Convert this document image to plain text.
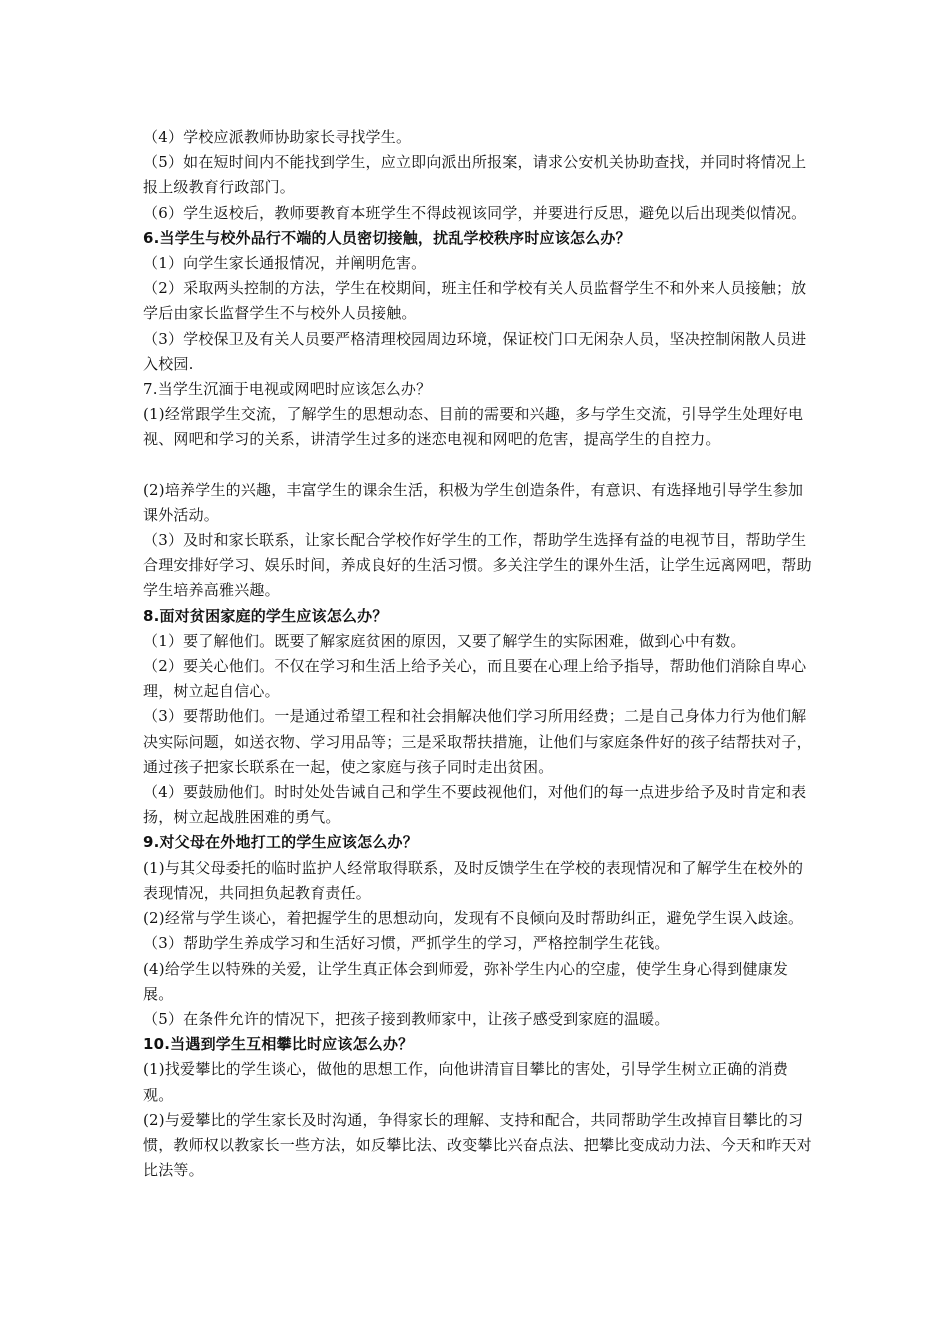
（4）学校应派教师协助家长寻找学生。

（5）如在短时间内不能找到学生，应立即向派出所报案，请求公安机关协助查找，并同时将情况上报上级教育行政部门。

（6）学生返校后，教师要教育本班学生不得歧视该同学，并要进行反思，避免以后出现类似情况。

6.当学生与校外品行不端的人员密切接触，扰乱学校秩序时应该怎么办？

（1）向学生家长通报情况，并阐明危害。

（2）采取两头控制的方法，学生在校期间，班主任和学校有关人员监督学生不和外来人员接触；放学后由家长监督学生不与校外人员接触。

（3）学校保卫及有关人员要严格清理校园周边环境，保证校门口无闲杂人员，坚决控制闲散人员进入校园.

7.当学生沉湎于电视或网吧时应该怎么办？

(1)经常跟学生交流，了解学生的思想动态、目前的需要和兴趣，多与学生交流，引导学生处理好电视、网吧和学习的关系，讲清学生过多的迷恋电视和网吧的危害，提高学生的自控力。

(2)培养学生的兴趣，丰富学生的课余生活，积极为学生创造条件，有意识、有选择地引导学生参加课外活动。

（3）及时和家长联系，让家长配合学校作好学生的工作，帮助学生选择有益的电视节目，帮助学生合理安排好学习、娱乐时间，养成良好的生活习惯。多关注学生的课外生活，让学生远离网吧，帮助学生培养高雅兴趣。

8.面对贫困家庭的学生应该怎么办？

（1）要了解他们。既要了解家庭贫困的原因，又要了解学生的实际困难，做到心中有数。

（2）要关心他们。不仅在学习和生活上给予关心，而且要在心理上给予指导，帮助他们消除自卑心理，树立起自信心。

（3）要帮助他们。一是通过希望工程和社会捐解决他们学习所用经费；二是自己身体力行为他们解决实际问题，如送衣物、学习用品等；三是采取帮扶措施，让他们与家庭条件好的孩子结帮扶对子，通过孩子把家长联系在一起，使之家庭与孩子同时走出贫困。

（4）要鼓励他们。时时处处告诫自己和学生不要歧视他们，对他们的每一点进步给予及时肯定和表扬，树立起战胜困难的勇气。

9.对父母在外地打工的学生应该怎么办？

(1)与其父母委托的临时监护人经常取得联系，及时反馈学生在学校的表现情况和了解学生在校外的表现情况，共同担负起教育责任。

(2)经常与学生谈心，着把握学生的思想动向，发现有不良倾向及时帮助纠正，避免学生误入歧途。

（3）帮助学生养成学习和生活好习惯，严抓学生的学习，严格控制学生花钱。

(4)给学生以特殊的关爱，让学生真正体会到师爱，弥补学生内心的空虚，使学生身心得到健康发展。

（5）在条件允许的情况下，把孩子接到教师家中，让孩子感受到家庭的温暖。

10.当遇到学生互相攀比时应该怎么办？

(1)找爱攀比的学生谈心，做他的思想工作，向他讲清盲目攀比的害处，引导学生树立正确的消费观。

(2)与爱攀比的学生家长及时沟通，争得家长的理解、支持和配合，共同帮助学生改掉盲目攀比的习惯，教师权以教家长一些方法，如反攀比法、改变攀比兴奋点法、把攀比变成动力法、今天和昨天对比法等。
